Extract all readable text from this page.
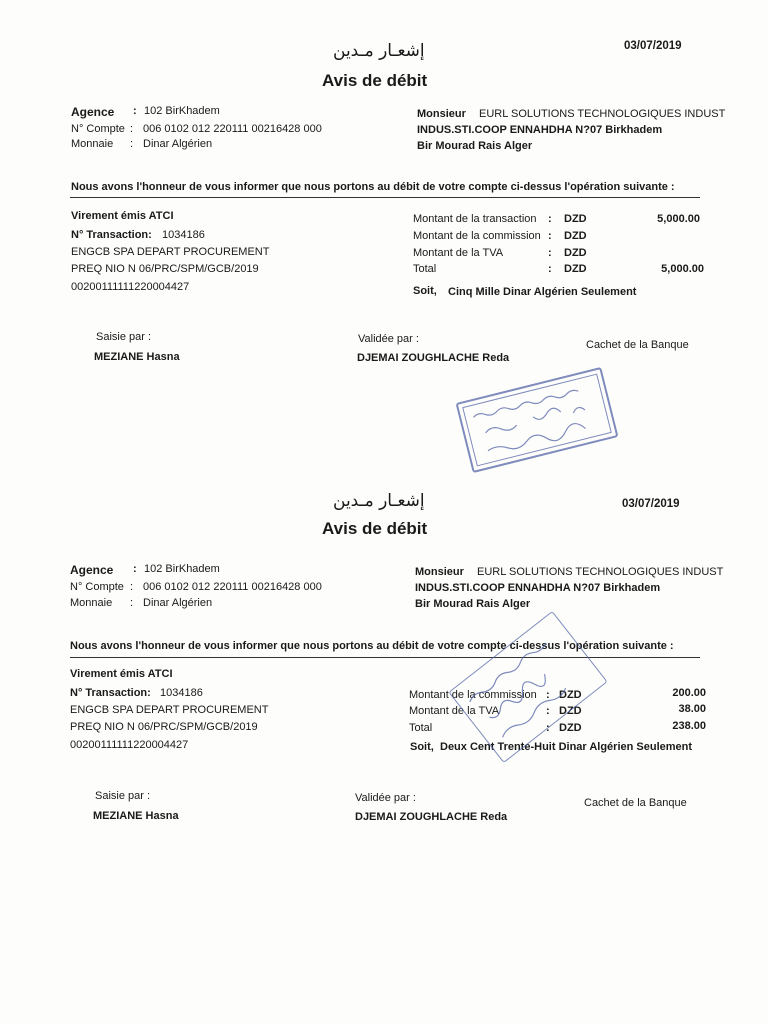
إشعـار مـدين	03/07/2019
Avis de débit
Agence : 102 BirKhadem
N° Compte : 006 0102 012 220111 00216428 000
Monnaie : Dinar Algérien
Monsieur EURL SOLUTIONS TECHNOLOGIQUES INDUST
INDUS.STI.COOP ENNAHDHA N?07 Birkhadem
Bir Mourad Rais Alger
Nous avons l'honneur de vous informer que nous portons au débit de votre compte ci-dessus l'opération suivante :
Virement émis ATCI
N° Transaction: 1034186
ENGCB SPA DEPART PROCUREMENT
PREQ NIO N 06/PRC/SPM/GCB/2019
00200111111220004427
Montant de la transaction : DZD	5,000.00
Montant de la commission : DZD
Montant de la TVA	: DZD
Total	: DZD	5,000.00
Soit, Cinq Mille Dinar Algérien Seulement
Saisie par :
MEZIANE Hasna
Validée par :
DJEMAI ZOUGHLACHE Reda
Cachet de la Banque
إشعـار مـدين	03/07/2019
Avis de débit
Agence : 102 BirKhadem
N° Compte : 006 0102 012 220111 00216428 000
Monnaie : Dinar Algérien
Monsieur EURL SOLUTIONS TECHNOLOGIQUES INDUST
INDUS.STI.COOP ENNAHDHA N?07 Birkhadem
Bir Mourad Rais Alger
Nous avons l'honneur de vous informer que nous portons au débit de votre compte ci-dessus l'opération suivante :
Virement émis ATCI
N° Transaction: 1034186
ENGCB SPA DEPART PROCUREMENT
PREQ NIO N 06/PRC/SPM/GCB/2019
00200111111220004427
Montant de la commission : DZD	200.00
Montant de la TVA	: DZD	38.00
Total	: DZD	238.00
Soit, Deux Cent Trente-Huit Dinar Algérien Seulement
Saisie par :
MEZIANE Hasna
Validée par :
DJEMAI ZOUGHLACHE Reda
Cachet de la Banque
